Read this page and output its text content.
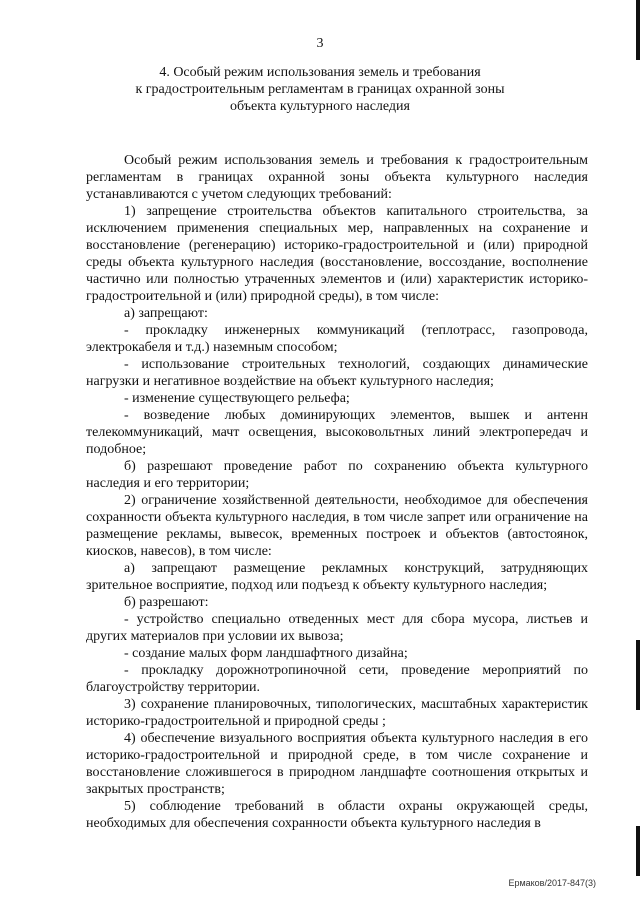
3
4. Особый режим использования земель и требования
к градостроительным регламентам в границах охранной зоны
объекта культурного наследия

Особый режим использования земель и требования к градостроительным регламентам в границах охранной зоны объекта культурного наследия устанавливаются с учетом следующих требований:

1) запрещение строительства объектов капитального строительства, за исключением применения специальных мер, направленных на сохранение и восстановление (регенерацию) историко-градостроительной и (или) природной среды объекта культурного наследия (восстановление, воссоздание, восполнение частично или полностью утраченных элементов и (или) характеристик историко-градостроительной и (или) природной среды), в том числе:

а) запрещают:

- прокладку инженерных коммуникаций (теплотрасс, газопровода, электрокабеля и т.д.) наземным способом;

- использование строительных технологий, создающих динамические нагрузки и негативное воздействие на объект культурного наследия;

- изменение существующего рельефа;

- возведение любых доминирующих элементов, вышек и антенн телекоммуникаций, мачт освещения, высоковольтных линий электропередач и подобное;

б) разрешают проведение работ по сохранению объекта культурного наследия и его территории;

2) ограничение хозяйственной деятельности, необходимое для обеспечения сохранности объекта культурного наследия, в том числе запрет или ограничение на размещение рекламы, вывесок, временных построек и объектов (автостоянок, киосков, навесов), в том числе:

а) запрещают размещение рекламных конструкций, затрудняющих зрительное восприятие, подход или подъезд к объекту культурного наследия;

б) разрешают:

- устройство специально отведенных мест для сбора мусора, листьев и других материалов при условии их вывоза;

- создание малых форм ландшафтного дизайна;

- прокладку дорожнотропиночной сети, проведение мероприятий по благоустройству территории.

3) сохранение планировочных, типологических, масштабных характеристик историко-градостроительной и природной среды ;

4) обеспечение визуального восприятия объекта культурного наследия в его историко-градостроительной и природной среде, в том числе сохранение и восстановление сложившегося в природном ландшафте соотношения открытых и закрытых пространств;

5) соблюдение требований в области охраны окружающей среды, необходимых для обеспечения сохранности объекта культурного наследия в

Ермаков/2017-847(3)
